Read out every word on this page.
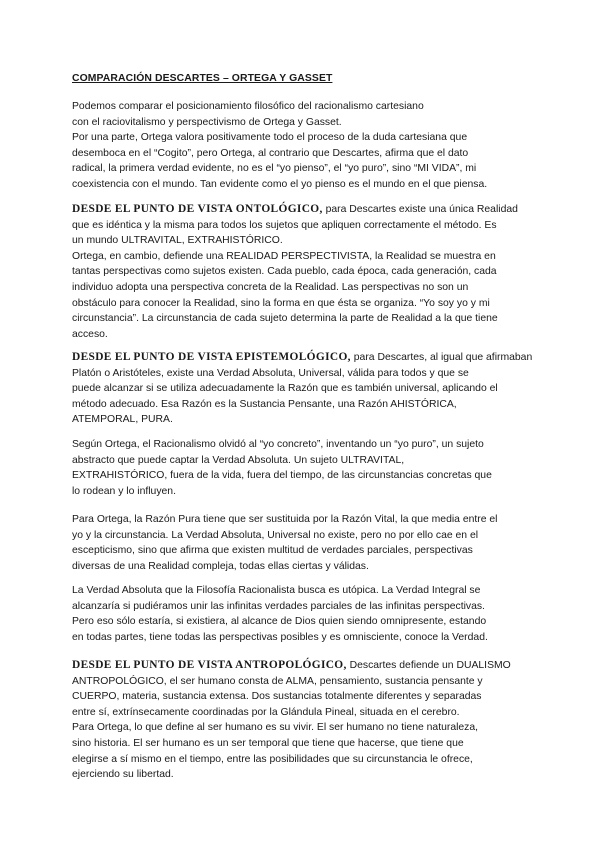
COMPARACIÓN DESCARTES – ORTEGA Y GASSET
Podemos comparar el posicionamiento filosófico del racionalismo cartesiano
con el raciovitalismo y perspectivismo de Ortega y Gasset.
Por una parte, Ortega valora positivamente todo el proceso de la duda cartesiana que
desemboca en el “Cogito”, pero Ortega, al contrario que Descartes, afirma que el dato
radical, la primera verdad evidente, no es el “yo pienso”, el “yo puro”, sino “MI VIDA”, mi
coexistencia con el mundo. Tan evidente como el yo pienso es el mundo en el que piensa.
DESDE EL PUNTO DE VISTA ONTOLÓGICO, para Descartes existe una única Realidad
que es idéntica y la misma para todos los sujetos que apliquen correctamente el método. Es
un mundo ULTRAVITAL, EXTRAHISTÓRICO.
Ortega, en cambio, defiende una REALIDAD PERSPECTIVISTA, la Realidad se muestra en
tantas perspectivas como sujetos existen. Cada pueblo, cada época, cada generación, cada
individuo adopta una perspectiva concreta de la Realidad. Las perspectivas no son un
obstáculo para conocer la Realidad, sino la forma en que ésta se organiza. “Yo soy yo y mi
circunstancia”. La circunstancia de cada sujeto determina la parte de Realidad a la que tiene
acceso.
DESDE EL PUNTO DE VISTA EPISTEMOLÓGICO, para Descartes, al igual que afirmaban
Platón o Aristóteles, existe una Verdad Absoluta, Universal, válida para todos y que se
puede alcanzar si se utiliza adecuadamente la Razón que es también universal, aplicando el
método adecuado. Esa Razón es la Sustancia Pensante, una Razón AHISTÓRICA,
ATEMPORAL, PURA.
Según Ortega, el Racionalismo olvidó al “yo concreto”, inventando un “yo puro”, un sujeto
abstracto que puede captar la Verdad Absoluta. Un sujeto ULTRAVITAL,
EXTRAHISTÓRICO, fuera de la vida, fuera del tiempo, de las circunstancias concretas que
lo rodean y lo influyen.
Para Ortega, la Razón Pura tiene que ser sustituida por la Razón Vital, la que media entre el
yo y la circunstancia. La Verdad Absoluta, Universal no existe, pero no por ello cae en el
escepticismo, sino que afirma que existen multitud de verdades parciales, perspectivas
diversas de una Realidad compleja, todas ellas ciertas y válidas.
La Verdad Absoluta que la Filosofía Racionalista busca es utópica. La Verdad Integral se
alcanzaría si pudiéramos unir las infinitas verdades parciales de las infinitas perspectivas.
Pero eso sólo estaría, si existiera, al alcance de Dios quien siendo omnipresente, estando
en todas partes, tiene todas las perspectivas posibles y es omnisciente, conoce la Verdad.
DESDE EL PUNTO DE VISTA ANTROPOLÓGICO, Descartes defiende un DUALISMO
ANTROPOLÓGICO, el ser humano consta de ALMA, pensamiento, sustancia pensante y
CUERPO, materia, sustancia extensa. Dos sustancias totalmente diferentes y separadas
entre sí, extrínsecamente coordinadas por la Glándula Pineal, situada en el cerebro.
Para Ortega, lo que define al ser humano es su vivir. El ser humano no tiene naturaleza,
sino historia. El ser humano es un ser temporal que tiene que hacerse, que tiene que
elegirse a sí mismo en el tiempo, entre las posibilidades que su circunstancia le ofrece,
ejerciendo su libertad.
